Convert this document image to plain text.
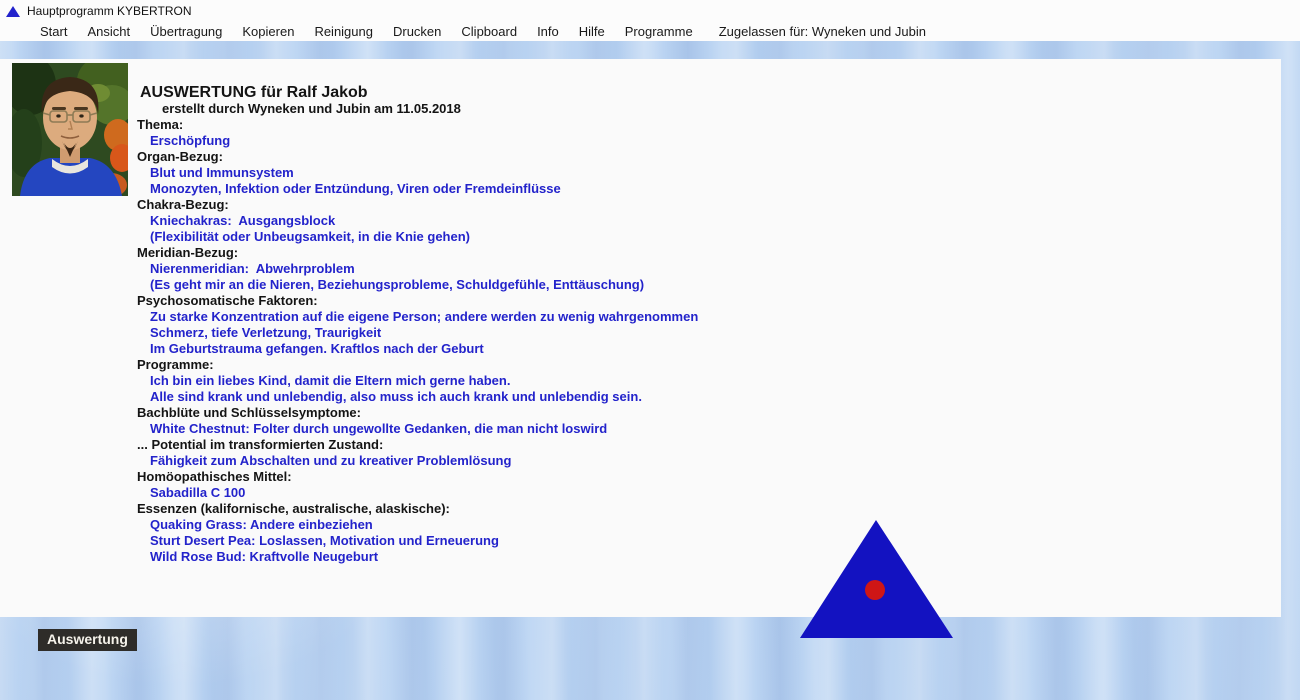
Hauptprogramm KYBERTRON
Start	Ansicht	Übertragung	Kopieren	Reinigung	Drucken	Clipboard	Info	Hilfe	Programme	Zugelassen für: Wyneken und Jubin
AUSWERTUNG für Ralf Jakob
erstellt durch Wyneken und Jubin am 11.05.2018
Thema:
Erschöpfung
Organ-Bezug:
Blut und Immunsystem
Monozyten, Infektion oder Entzündung, Viren oder Fremdeinflüsse
Chakra-Bezug:
Kniechakras:  Ausgangsblock
(Flexibilität oder Unbeugsamkeit, in die Knie gehen)
Meridian-Bezug:
Nierenmeridian:  Abwehrproblem
(Es geht mir an die Nieren, Beziehungsprobleme, Schuldgefühle, Enttäuschung)
Psychosomatische Faktoren:
Zu starke Konzentration auf die eigene Person; andere werden zu wenig wahrgenommen
Schmerz, tiefe Verletzung, Traurigkeit
Im Geburtstrauma gefangen. Kraftlos nach der Geburt
Programme:
Ich bin ein liebes Kind, damit die Eltern mich gerne haben.
Alle sind krank und unlebendig, also muss ich auch krank und unlebendig sein.
Bachblüte und Schlüsselsymptome:
White Chestnut: Folter durch ungewollte Gedanken, die man nicht loswird
... Potential im transformierten Zustand:
Fähigkeit zum Abschalten und zu kreativer Problemlösung
Homöopathisches Mittel:
Sabadilla C 100
Essenzen (kalifornische, australische, alaskische):
Quaking Grass: Andere einbeziehen
Sturt Desert Pea: Loslassen, Motivation und Erneuerung
Wild Rose Bud: Kraftvolle Neugeburt
Auswertung
